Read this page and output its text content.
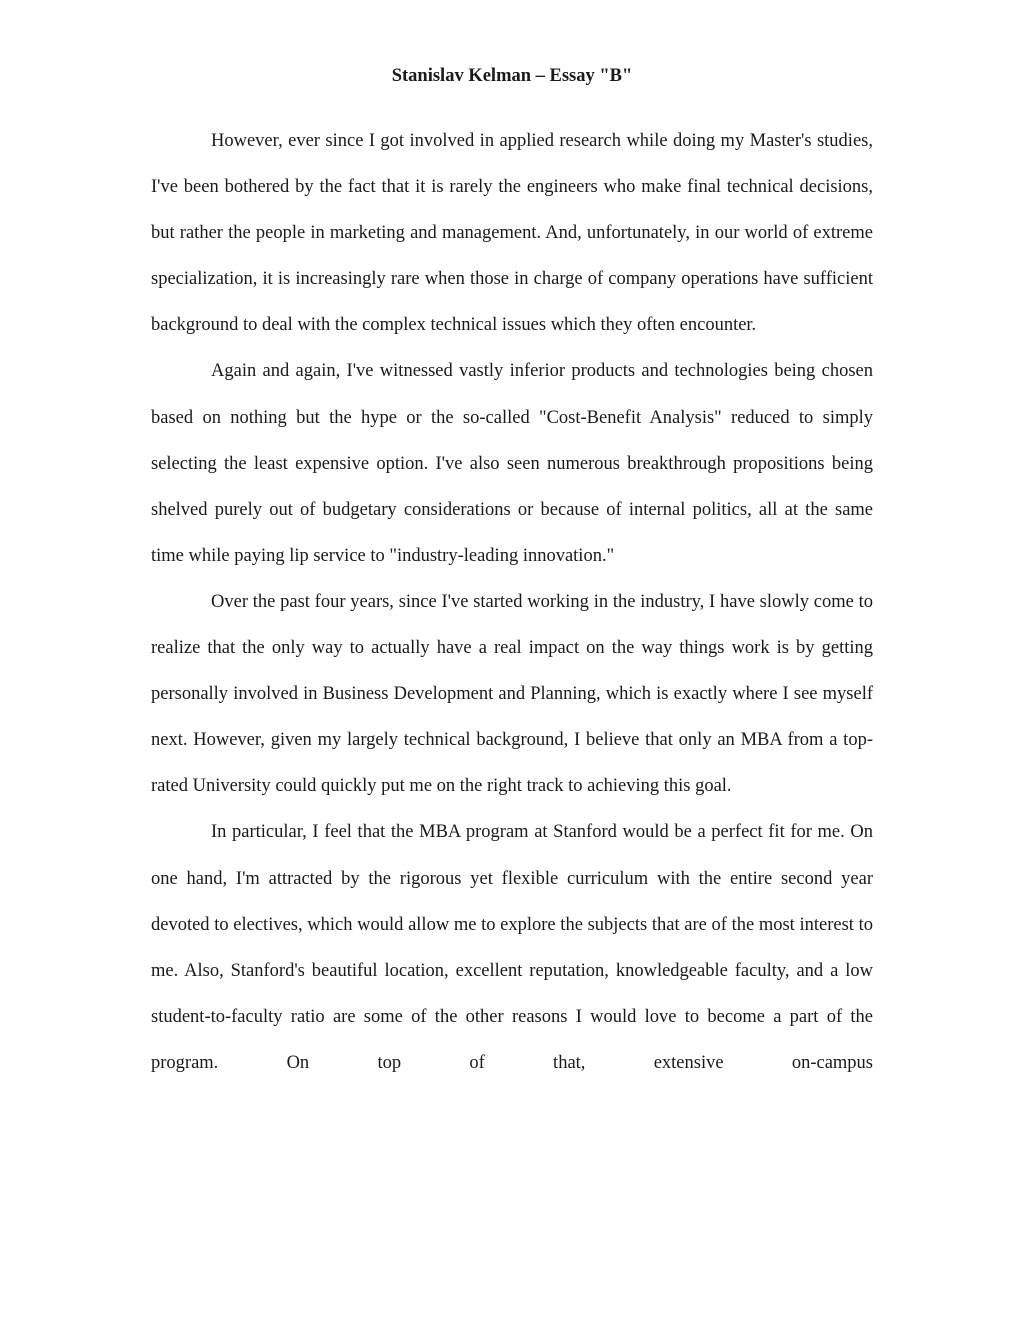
Stanislav Kelman – Essay "B"

However, ever since I got involved in applied research while doing my Master's studies, I've been bothered by the fact that it is rarely the engineers who make final technical decisions, but rather the people in marketing and management. And, unfortunately, in our world of extreme specialization, it is increasingly rare when those in charge of company operations have sufficient background to deal with the complex technical issues which they often encounter.

Again and again, I've witnessed vastly inferior products and technologies being chosen based on nothing but the hype or the so-called "Cost-Benefit Analysis" reduced to simply selecting the least expensive option. I've also seen numerous breakthrough propositions being shelved purely out of budgetary considerations or because of internal politics, all at the same time while paying lip service to "industry-leading innovation."

Over the past four years, since I've started working in the industry, I have slowly come to realize that the only way to actually have a real impact on the way things work is by getting personally involved in Business Development and Planning, which is exactly where I see myself next. However, given my largely technical background, I believe that only an MBA from a top-rated University could quickly put me on the right track to achieving this goal.

In particular, I feel that the MBA program at Stanford would be a perfect fit for me. On one hand, I'm attracted by the rigorous yet flexible curriculum with the entire second year devoted to electives, which would allow me to explore the subjects that are of the most interest to me. Also, Stanford's beautiful location, excellent reputation, knowledgeable faculty, and a low student-to-faculty ratio are some of the other reasons I would love to become a part of the program. On top of that, extensive on-campus
